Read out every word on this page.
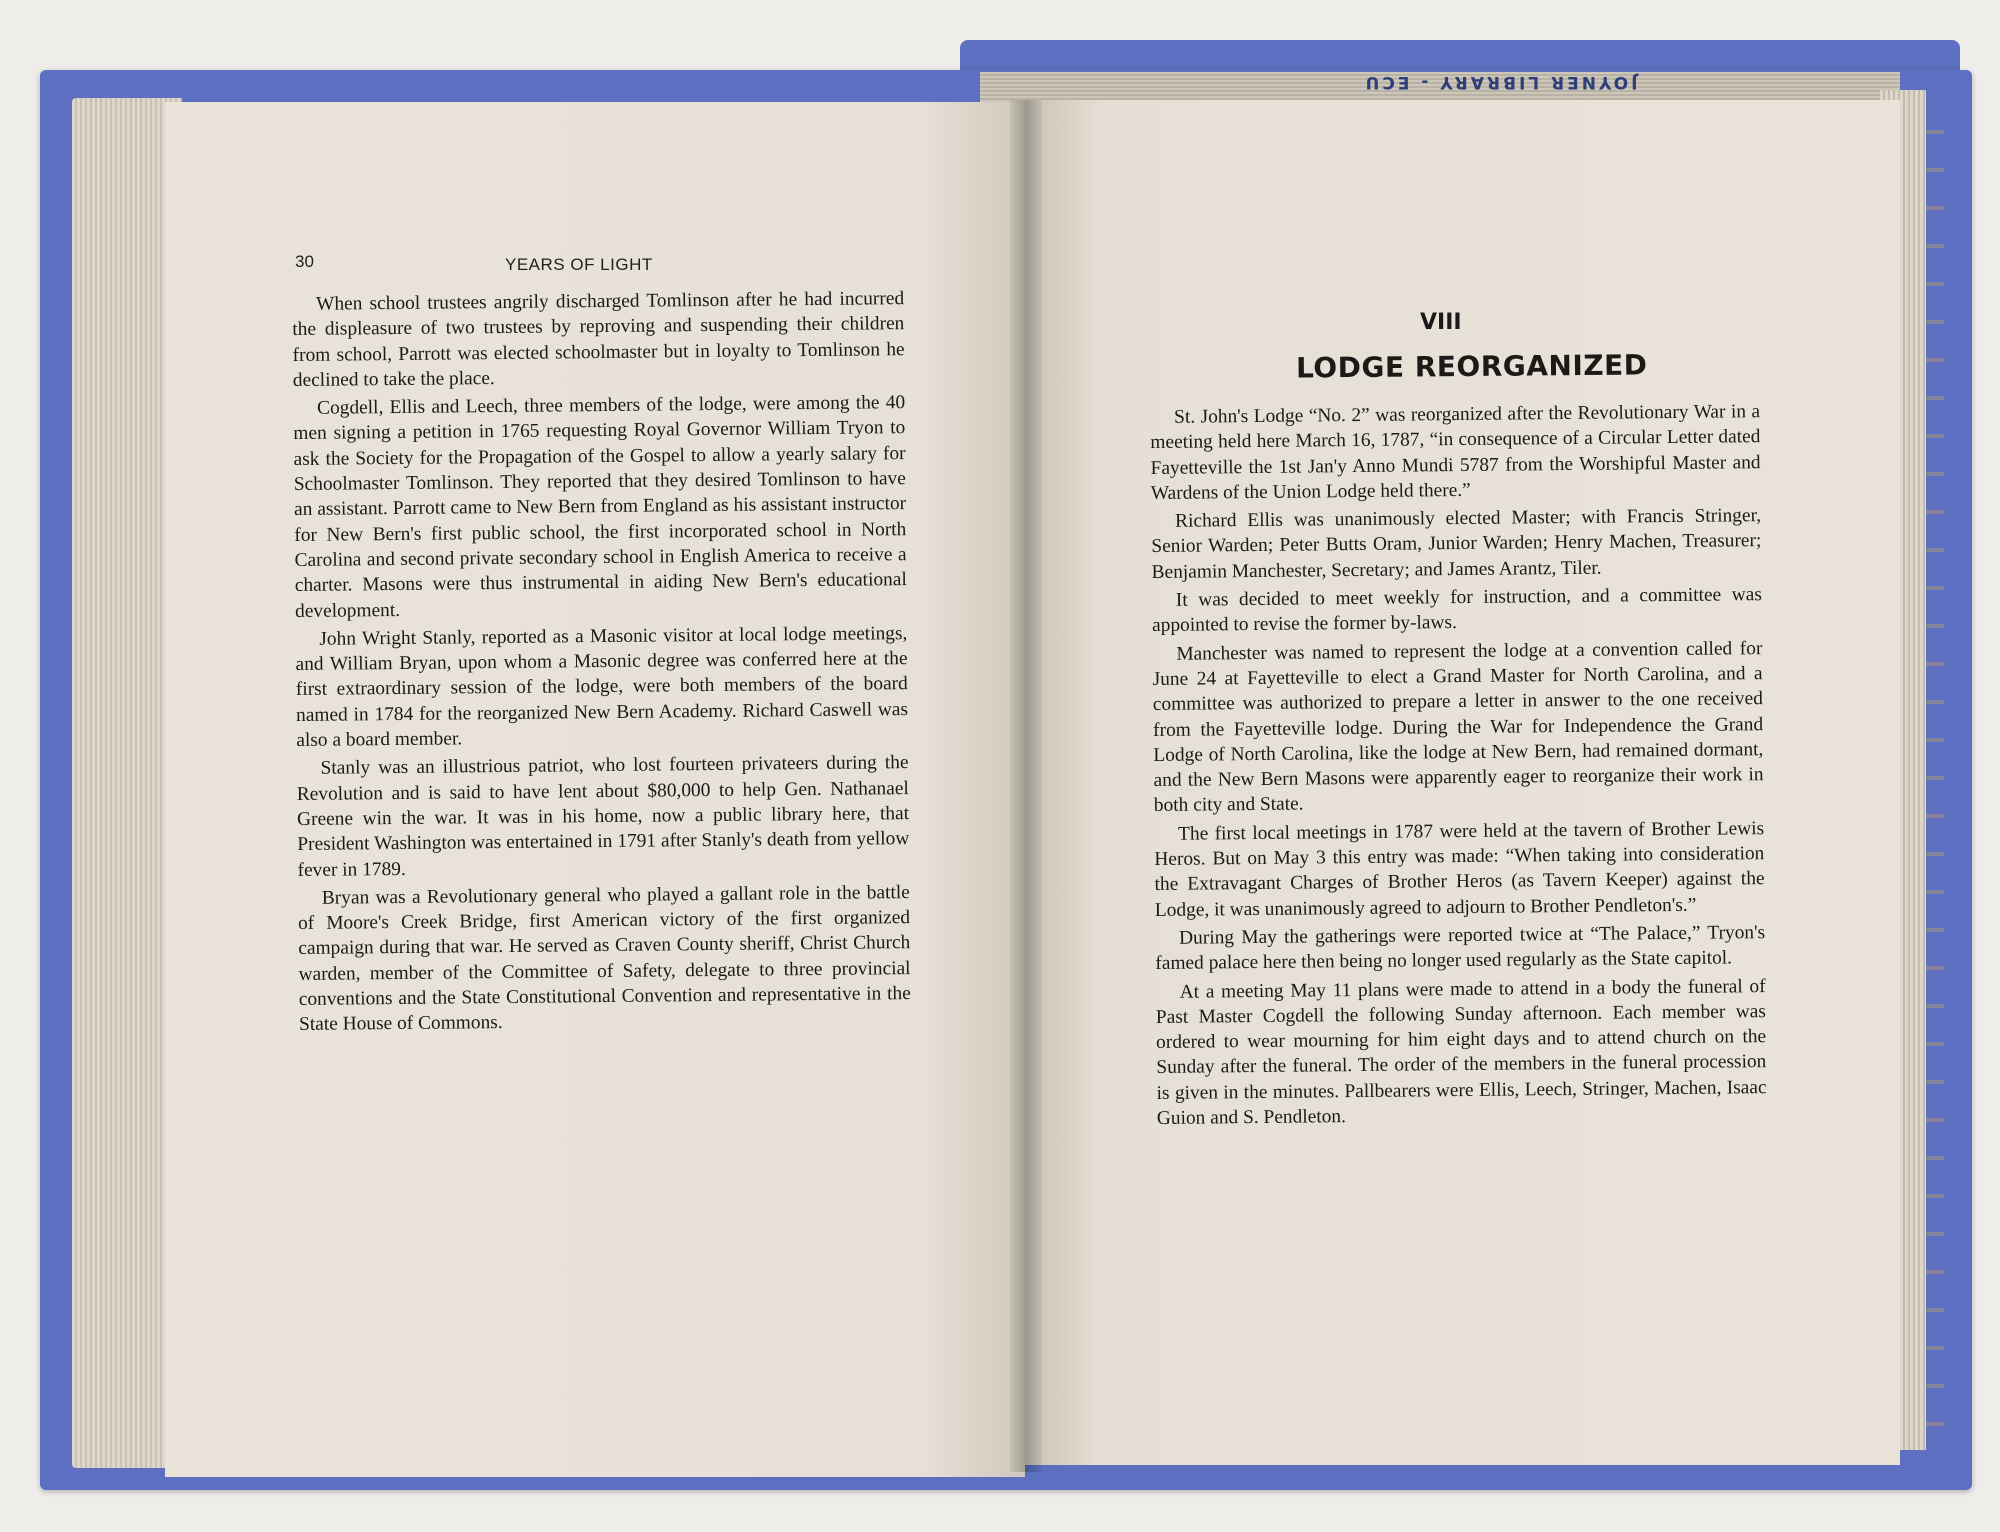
JOYNER LIBRARY - ECU
30	YEARS OF LIGHT

When school trustees angrily discharged Tomlinson after he had incurred the displeasure of two trustees by reproving and suspending their children from school, Parrott was elected schoolmaster but in loyalty to Tomlinson he declined to take the place.

Cogdell, Ellis and Leech, three members of the lodge, were among the 40 men signing a petition in 1765 requesting Royal Governor William Tryon to ask the Society for the Propagation of the Gospel to allow a yearly salary for Schoolmaster Tomlinson. They reported that they desired Tomlinson to have an assistant. Parrott came to New Bern from England as his assistant instructor for New Bern's first public school, the first incorporated school in North Carolina and second private secondary school in English America to receive a charter. Masons were thus instrumental in aiding New Bern's educational development.

John Wright Stanly, reported as a Masonic visitor at local lodge meetings, and William Bryan, upon whom a Masonic degree was conferred here at the first extraordinary session of the lodge, were both members of the board named in 1784 for the reorganized New Bern Academy. Richard Caswell was also a board member.

Stanly was an illustrious patriot, who lost fourteen privateers during the Revolution and is said to have lent about $80,000 to help Gen. Nathanael Greene win the war. It was in his home, now a public library here, that President Washington was entertained in 1791 after Stanly's death from yellow fever in 1789.

Bryan was a Revolutionary general who played a gallant role in the battle of Moore's Creek Bridge, first American victory of the first organized campaign during that war. He served as Craven County sheriff, Christ Church warden, member of the Committee of Safety, delegate to three provincial conventions and the State Constitutional Convention and representative in the State House of Commons.

VIII
LODGE REORGANIZED

St. John's Lodge “No. 2” was reorganized after the Revolutionary War in a meeting held here March 16, 1787, “in consequence of a Circular Letter dated Fayetteville the 1st Jan'y Anno Mundi 5787 from the Worshipful Master and Wardens of the Union Lodge held there.”

Richard Ellis was unanimously elected Master; with Francis Stringer, Senior Warden; Peter Butts Oram, Junior Warden; Henry Machen, Treasurer; Benjamin Manchester, Secretary; and James Arantz, Tiler.

It was decided to meet weekly for instruction, and a committee was appointed to revise the former by-laws.

Manchester was named to represent the lodge at a convention called for June 24 at Fayetteville to elect a Grand Master for North Carolina, and a committee was authorized to prepare a letter in answer to the one received from the Fayetteville lodge. During the War for Independence the Grand Lodge of North Carolina, like the lodge at New Bern, had remained dormant, and the New Bern Masons were apparently eager to reorganize their work in both city and State.

The first local meetings in 1787 were held at the tavern of Brother Lewis Heros. But on May 3 this entry was made: “When taking into consideration the Extravagant Charges of Brother Heros (as Tavern Keeper) against the Lodge, it was unanimously agreed to adjourn to Brother Pendleton's.”

During May the gatherings were reported twice at “The Palace,” Tryon's famed palace here then being no longer used regularly as the State capitol.

At a meeting May 11 plans were made to attend in a body the funeral of Past Master Cogdell the following Sunday afternoon. Each member was ordered to wear mourning for him eight days and to attend church on the Sunday after the funeral. The order of the members in the funeral procession is given in the minutes. Pallbearers were Ellis, Leech, Stringer, Machen, Isaac Guion and S. Pendleton.
